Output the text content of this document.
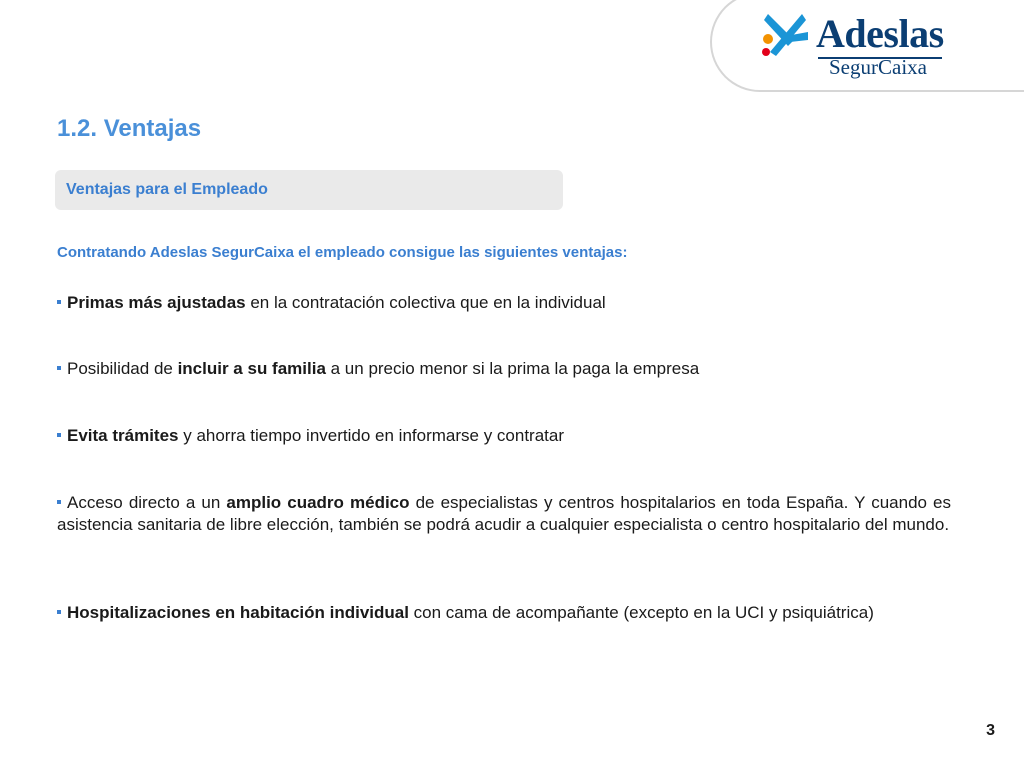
Adeslas
SegurCaixa
1.2. Ventajas
Ventajas para el Empleado
Contratando Adeslas SegurCaixa el empleado consigue las siguientes ventajas:
Primas más ajustadas en la contratación colectiva que en la individual
Posibilidad de incluir a su familia a un precio menor si la prima la paga la empresa
Evita trámites y ahorra tiempo invertido en informarse y contratar
Acceso directo a un amplio cuadro médico de especialistas y centros hospitalarios en toda España. Y cuando es asistencia sanitaria de libre elección, también se podrá acudir a cualquier especialista o centro hospitalario del mundo.
Hospitalizaciones en habitación individual con cama de acompañante (excepto en la UCI y psiquiátrica)
3
